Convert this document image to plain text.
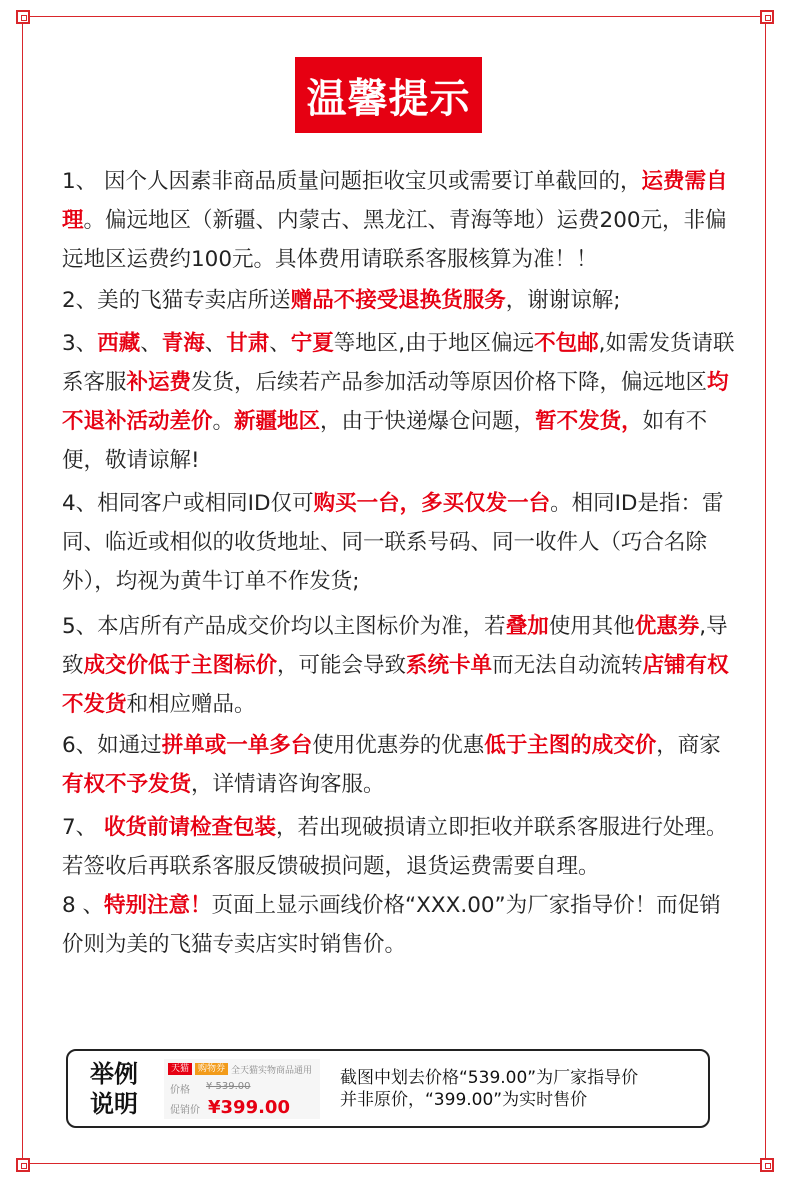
温馨提示

1、 因个人因素非商品质量问题拒收宝贝或需要订单截回的，运费需自理。偏远地区（新疆、内蒙古、黑龙江、青海等地）运费200元，非偏远地区运费约100元。具体费用请联系客服核算为准！！

2、美的飞猫专卖店所送赠品不接受退换货服务，谢谢谅解;

3、西藏、青海、甘肃、宁夏等地区,由于地区偏远不包邮,如需发货请联系客服补运费发货，后续若产品参加活动等原因价格下降，偏远地区均不退补活动差价。新疆地区，由于快递爆仓问题，暂不发货，如有不便，敬请谅解!

4、相同客户或相同ID仅可购买一台，多买仅发一台。相同ID是指：雷同、临近或相似的收货地址、同一联系号码、同一收件人（巧合名除外），均视为黄牛订单不作发货;

5、本店所有产品成交价均以主图标价为准，若叠加使用其他优惠券,导致成交价低于主图标价，可能会导致系统卡单而无法自动流转店铺有权不发货和相应赠品。

6、如通过拼单或一单多台使用优惠券的优惠低于主图的成交价，商家有权不予发货，详情请咨询客服。

7、 收货前请检查包装，若出现破损请立即拒收并联系客服进行处理。若签收后再联系客服反馈破损问题，退货运费需要自理。

8 、特别注意！页面上显示画线价格“XXX.00”为厂家指导价！而促销价则为美的飞猫专卖店实时销售价。

举例
说明
天猫	购物券 全天猫实物商品通用
价格 ¥ 539.00
促销价 ¥399.00
截图中划去价格“539.00”为厂家指导价
并非原价，“399.00”为实时售价
